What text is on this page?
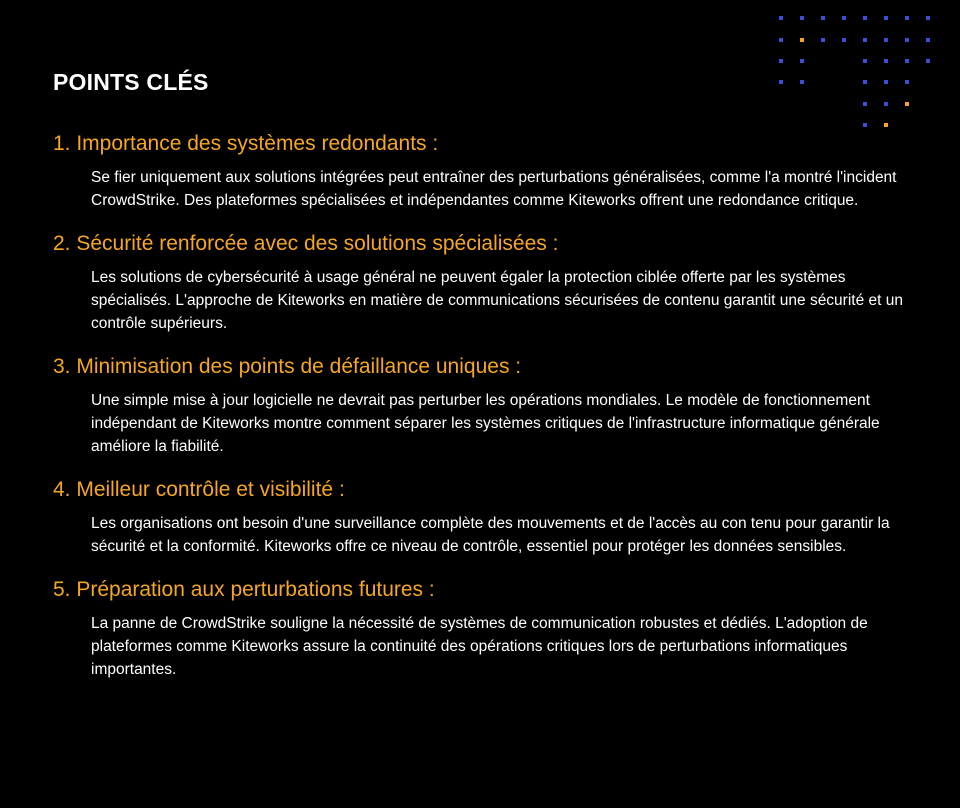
POINTS CLÉS
1. Importance des systèmes redondants :

Se fier uniquement aux solutions intégrées peut entraîner des perturbations généralisées, comme l'a montré l'incident CrowdStrike. Des plateformes spécialisées et indépendantes comme Kiteworks offrent une redondance critique.

2. Sécurité renforcée avec des solutions spécialisées :

Les solutions de cybersécurité à usage général ne peuvent égaler la protection ciblée offerte par les systèmes spécialisés. L'approche de Kiteworks en matière de communications sécurisées de contenu garantit une sécurité et un contrôle supérieurs.

3. Minimisation des points de défaillance uniques :

Une simple mise à jour logicielle ne devrait pas perturber les opérations mondiales. Le modèle de fonctionnement indépendant de Kiteworks montre comment séparer les systèmes critiques de l'infrastructure informatique générale améliore la fiabilité.

4. Meilleur contrôle et visibilité :

Les organisations ont besoin d'une surveillance complète des mouvements et de l'accès au con tenu pour garantir la sécurité et la conformité. Kiteworks offre ce niveau de contrôle, essentiel pour protéger les données sensibles.

5. Préparation aux perturbations futures :

La panne de CrowdStrike souligne la nécessité de systèmes de communication robustes et dédiés. L'adoption de plateformes comme Kiteworks assure la continuité des opérations critiques lors de perturbations informatiques importantes.
